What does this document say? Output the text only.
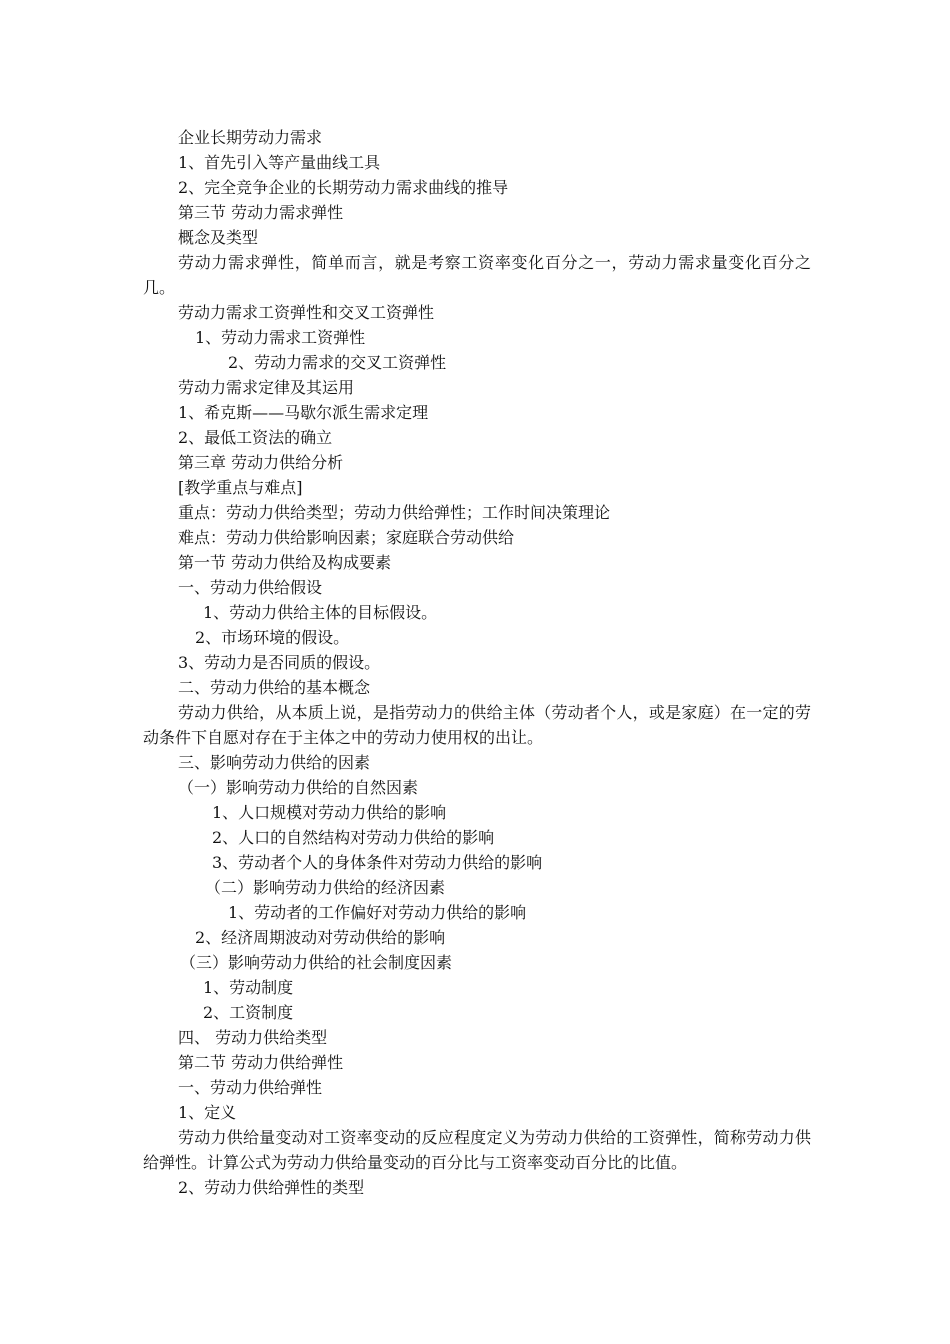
企业长期劳动力需求
1、首先引入等产量曲线工具
2、完全竞争企业的长期劳动力需求曲线的推导
第三节 劳动力需求弹性
概念及类型
劳动力需求弹性，简单而言，就是考察工资率变化百分之一，劳动力需求量变化百分之几。
劳动力需求工资弹性和交叉工资弹性
1、劳动力需求工资弹性
2、劳动力需求的交叉工资弹性
劳动力需求定律及其运用
1、希克斯——马歇尔派生需求定理
2、最低工资法的确立
第三章 劳动力供给分析
[教学重点与难点]
重点：劳动力供给类型；劳动力供给弹性；工作时间决策理论
难点：劳动力供给影响因素；家庭联合劳动供给
第一节 劳动力供给及构成要素
一、劳动力供给假设
1、劳动力供给主体的目标假设。
2、市场环境的假设。
3、劳动力是否同质的假设。
二、劳动力供给的基本概念
劳动力供给，从本质上说，是指劳动力的供给主体（劳动者个人，或是家庭）在一定的劳动条件下自愿对存在于主体之中的劳动力使用权的出让。
三、影响劳动力供给的因素
（一）影响劳动力供给的自然因素
1、人口规模对劳动力供给的影响
2、人口的自然结构对劳动力供给的影响
3、劳动者个人的身体条件对劳动力供给的影响
（二）影响劳动力供给的经济因素
1、劳动者的工作偏好对劳动力供给的影响
2、经济周期波动对劳动供给的影响
（三）影响劳动力供给的社会制度因素
1、劳动制度
2、工资制度
四、 劳动力供给类型
第二节 劳动力供给弹性
一、劳动力供给弹性
1、定义
劳动力供给量变动对工资率变动的反应程度定义为劳动力供给的工资弹性，简称劳动力供给弹性。计算公式为劳动力供给量变动的百分比与工资率变动百分比的比值。
2、劳动力供给弹性的类型
